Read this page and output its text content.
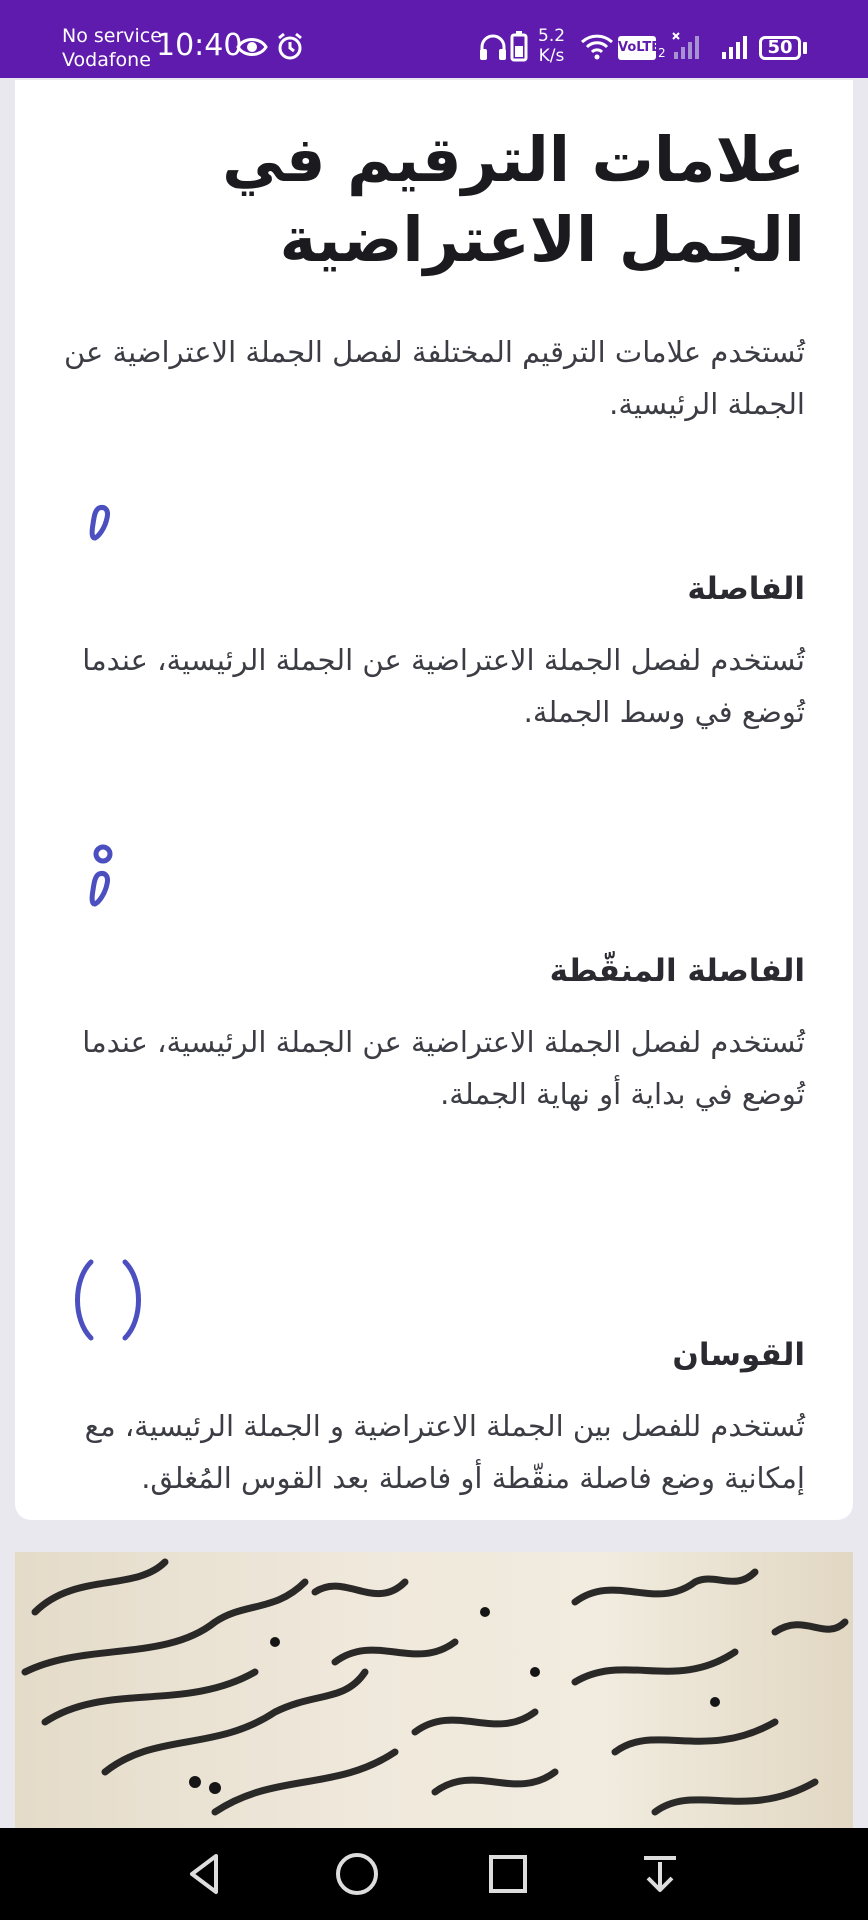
No service
Vodafone 10:40	5.2
K/s	VoLTE
2	50
علامات الترقيم في الجمل الاعتراضية

تُستخدم علامات الترقيم المختلفة لفصل الجملة الاعتراضية عن الجملة الرئيسية.

الفاصلة

تُستخدم لفصل الجملة الاعتراضية عن الجملة الرئيسية، عندما تُوضع في وسط الجملة.

الفاصلة المنقّطة

تُستخدم لفصل الجملة الاعتراضية عن الجملة الرئيسية، عندما تُوضع في بداية أو نهاية الجملة.

القوسان

تُستخدم للفصل بين الجملة الاعتراضية و الجملة الرئيسية، مع إمكانية وضع فاصلة منقّطة أو فاصلة بعد القوس المُغلق.
